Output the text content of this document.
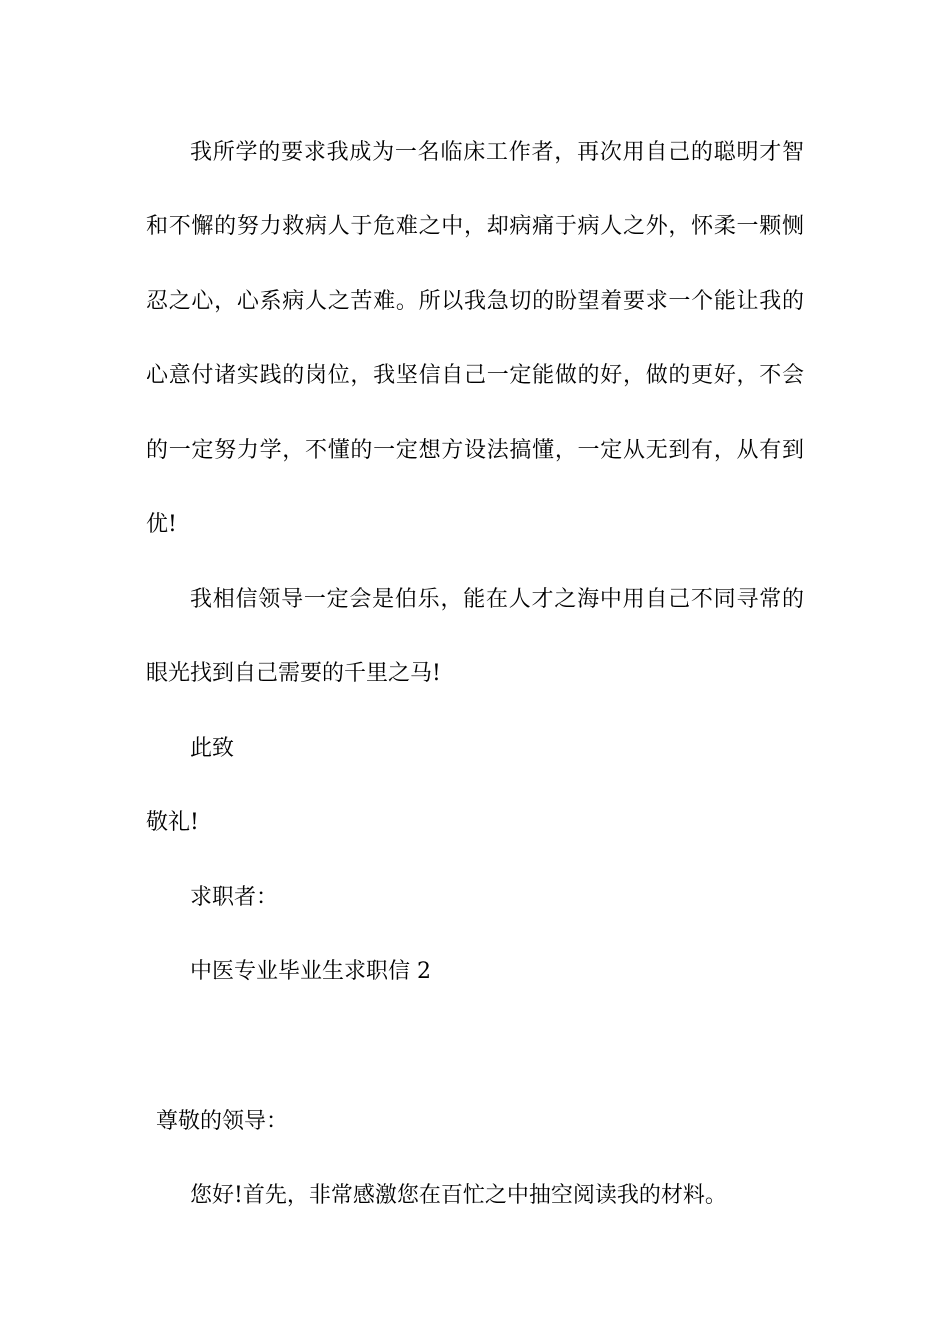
我所学的要求我成为一名临床工作者，再次用自己的聪明才智
和不懈的努力救病人于危难之中，却病痛于病人之外，怀柔一颗恻
忍之心，心系病人之苦难。所以我急切的盼望着要求一个能让我的
心意付诸实践的岗位，我坚信自己一定能做的好，做的更好，不会
的一定努力学，不懂的一定想方设法搞懂，一定从无到有，从有到
优!
我相信领导一定会是伯乐，能在人才之海中用自己不同寻常的
眼光找到自己需要的千里之马!
此致
敬礼!
求职者：
中医专业毕业生求职信 2
尊敬的领导：
您好!首先，非常感激您在百忙之中抽空阅读我的材料。
